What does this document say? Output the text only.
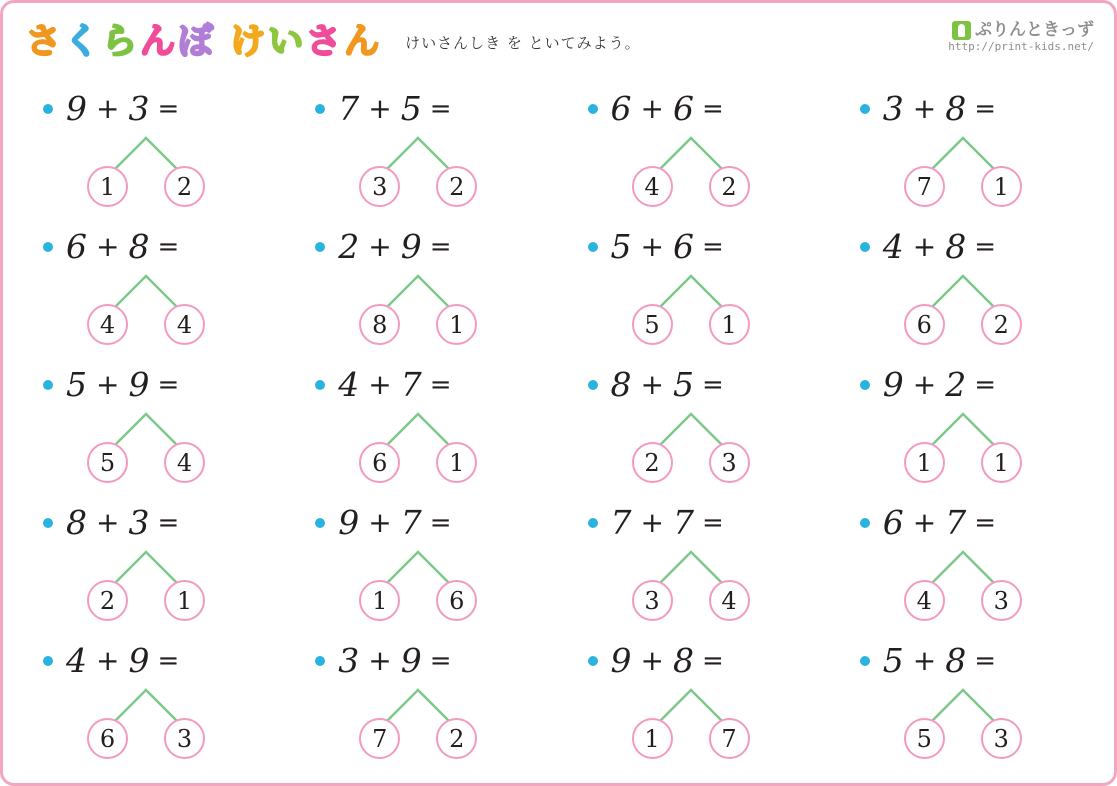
さ く ら ん ぼ け い さ ん けいさんしき を といてみよう。
ぷりんときっず
http://print-kids.net/
9 + 3 =
1	2
7 + 5 =
3	2
6 + 6 =
4	2
3 + 8 =
7	1
6 + 8 =
4	4
2 + 9 =
8	1
5 + 6 =
5	1
4 + 8 =
6	2
5 + 9 =
5	4
4 + 7 =
6	1
8 + 5 =
2	3
9 + 2 =
1	1
8 + 3 =
2	1
9 + 7 =
1	6
7 + 7 =
3	4
6 + 7 =
4	3
4 + 9 =
6	3
3 + 9 =
7	2
9 + 8 =
1	7
5 + 8 =
5	3
